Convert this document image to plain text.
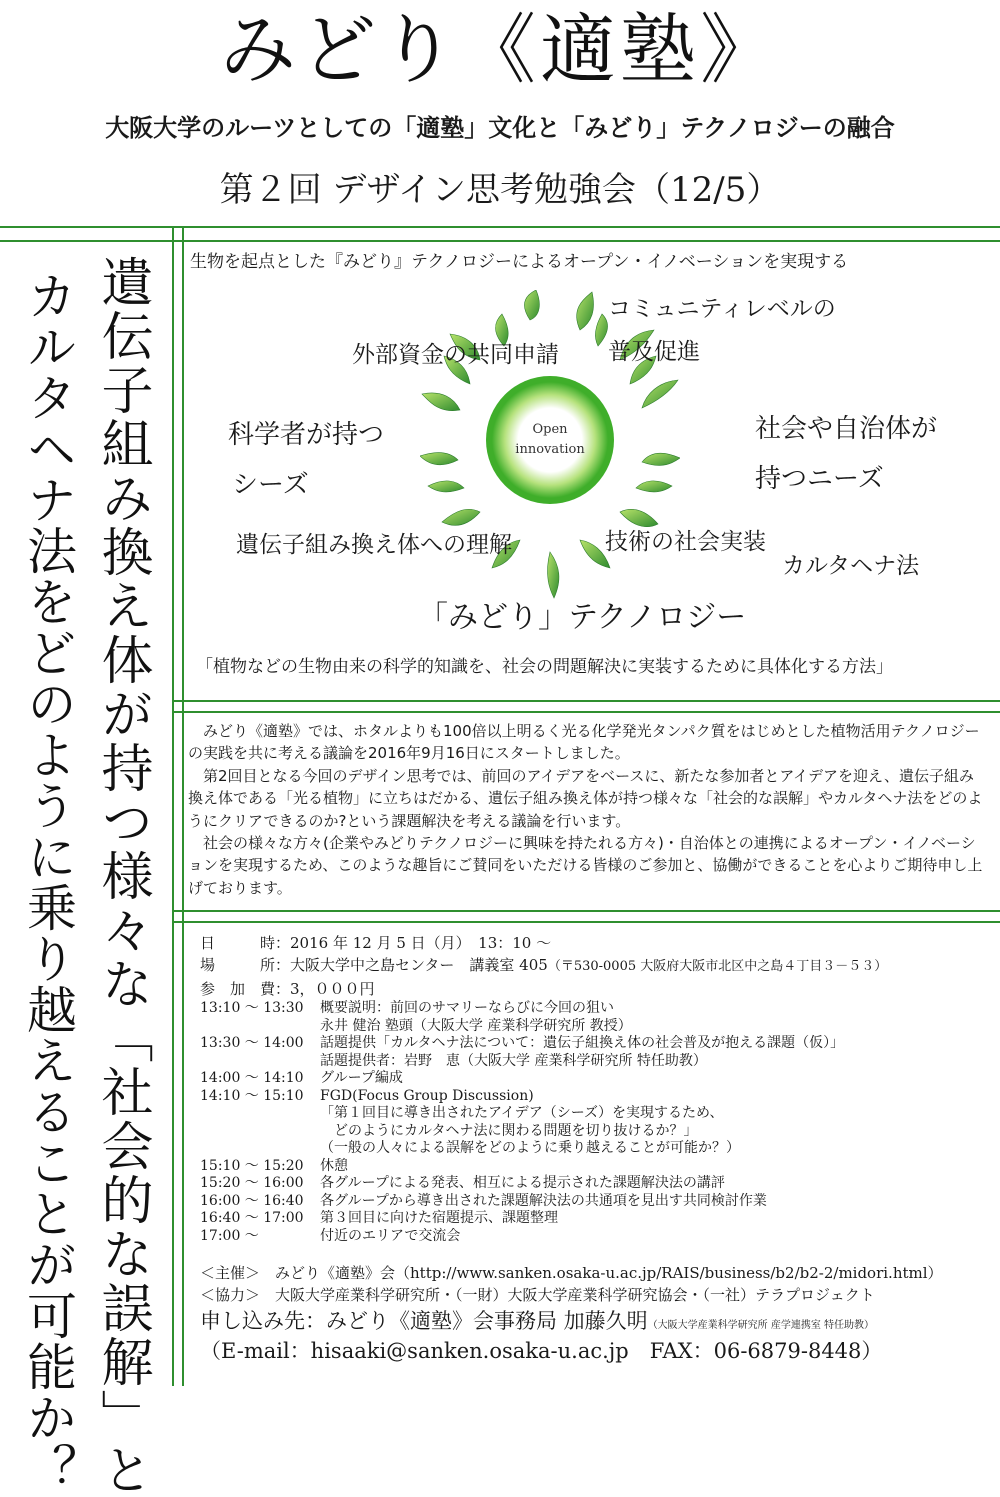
みどり《適塾》
大阪大学のルーツとしての「適塾」文化と「みどり」テクノロジーの融合
第２回 デザイン思考勉強会（12/5）
遺伝子組み換え体が持つ様々な「社会的な誤解」と
カルタヘナ法をどのように乗り越えることが可能か？
生物を起点とした『みどり』テクノロジーによるオープン・イノベーションを実現する
Open
innovation
コミュニティレベルの
普及促進
外部資金の共同申請
科学者が持つ
シーズ
社会や自治体が
持つニーズ
遺伝子組み換え体への理解	技術の社会実装
カルタヘナ法
「みどり」テクノロジー
「植物などの生物由来の科学的知識を、社会の問題解決に実装するために具体化する方法」

みどり《適塾》では、ホタルよりも100倍以上明るく光る化学発光タンパク質をはじめとした植物活用テクノロジーの実践を共に考える議論を2016年9月16日にスタートしました。

第2回目となる今回のデザイン思考では、前回のアイデアをベースに、新たな参加者とアイデアを迎え、遺伝子組み換え体である「光る植物」に立ちはだかる、遺伝子組み換え体が持つ様々な「社会的な誤解」やカルタヘナ法をどのようにクリアできるのか?という課題解決を考える議論を行います。

社会の様々な方々(企業やみどりテクノロジーに興味を持たれる方々)・自治体との連携によるオープン・イノベーションを実現するため、このような趣旨にご賛同をいただける皆様のご参加と、協働ができることを心よりご期待申し上げております。

日　　　時：2016 年 12 月 5 日（月）　13：10 〜
場　　　所：大阪大学中之島センター　講義室 405（〒530-0005 大阪府大阪市北区中之島４丁目３－５３）
参　加　費：3，０００円
13:10 〜 13:30	概要説明：前回のサマリーならびに今回の狙い
永井 健治 塾頭（大阪大学 産業科学研究所 教授）
13:30 〜 14:00	話題提供「カルタヘナ法について：遺伝子組換え体の社会普及が抱える課題（仮）」
話題提供者：岩野　恵（大阪大学 産業科学研究所 特任助教）
14:00 〜 14:10	グループ編成
14:10 〜 15:10	FGD(Focus Group Discussion)
「第１回目に導き出されたアイデア（シーズ）を実現するため、
　どのようにカルタヘナ法に関わる問題を切り抜けるか？」
（一般の人々による誤解をどのように乗り越えることが可能か？）
15:10 〜 15:20	休憩
15:20 〜 16:00	各グループによる発表、相互による提示された課題解決法の講評
16:00 〜 16:40	各グループから導き出された課題解決法の共通項を見出す共同検討作業
16:40 〜 17:00	第３回目に向けた宿題提示、課題整理
17:00 〜	付近のエリアで交流会
＜主催＞　みどり《適塾》会（http://www.sanken.osaka-u.ac.jp/RAIS/business/b2/b2-2/midori.html）
＜協力＞　大阪大学産業科学研究所・（一財）大阪大学産業科学研究協会・（一社）テラプロジェクト
申し込み先：みどり《適塾》会事務局 加藤久明（大阪大学産業科学研究所 産学連携室 特任助教）
（E-mail：hisaaki@sanken.osaka-u.ac.jp　FAX：06-6879-8448）
